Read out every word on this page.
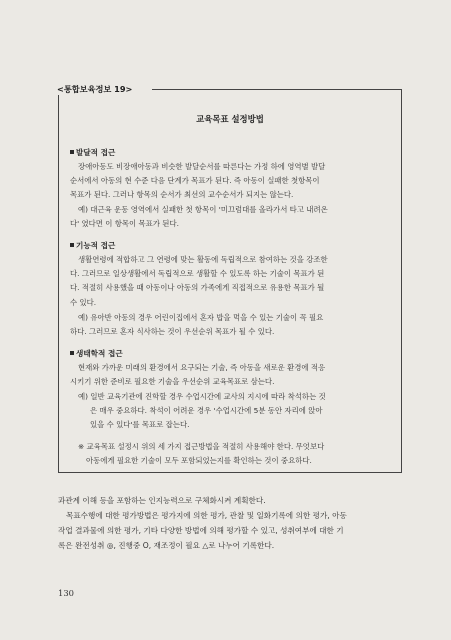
<통합보육정보 19>
교육목표 설정방법
발달적 접근
장애아동도 비장애아동과 비슷한 발달순서를 따른다는 가정 하에 영역별 발달
순서에서 아동의 현 수준 다음 단계가 목표가 된다. 즉 아동이 실패한 첫항목이
목표가 된다. 그러나 항목의 순서가 최선의 교수순서가 되지는 않는다.
예) 대근육 운동 영역에서 실패한 첫 항목이 '미끄럼대를 올라가서 타고 내려온
다' 였다면 이 항목이 목표가 된다.
기능적 접근
생활연령에 적합하고 그 연령에 맞는 활동에 독립적으로 참여하는 것을 강조한
다. 그러므로 일상생활에서 독립적으로 생활할 수 있도록 하는 기술이 목표가 된
다. 적절히 사용했을 때 아동이나 아동의 가족에게 직접적으로 유용한 목표가 될
수 있다.
예) 유아반 아동의 경우 어린이집에서 혼자 밥을 먹을 수 있는 기술이 꼭 필요
하다. 그러므로 혼자 식사하는 것이 우선순위 목표가 될 수 있다.
생태학적 접근
현재와 가까운 미래의 환경에서 요구되는 기술, 즉 아동을 새로운 환경에 적응
시키기 위한 준비로 필요한 기술을 우선순위 교육목표로 삼는다.
예) 일반 교육기관에 진학할 경우 수업시간에 교사의 지시에 따라 착석하는 것
은 매우 중요하다. 착석이 어려운 경우 '수업시간에 5분 동안 자리에 앉아
있을 수 있다'를 목표로 잡는다.
※ 교육목표 설정시 위의 세 가지 접근방법을 적절히 사용해야 한다. 무엇보다
아동에게 필요한 기술이 모두 포함되었는지를 확인하는 것이 중요하다.
과관계 이해 등을 포함하는 인지능력으로 구체화시켜 계획한다.
목표수행에 대한 평가방법은 평가지에 의한 평가, 관찰 및 일화기록에 의한 평가, 아동
작업 결과물에 의한 평가, 기타 다양한 방법에 의해 평가할 수 있고, 성취여부에 대한 기
록은 완전성취 ◎, 진행중 O, 재조정이 필요 △로 나누어 기록한다.
130
